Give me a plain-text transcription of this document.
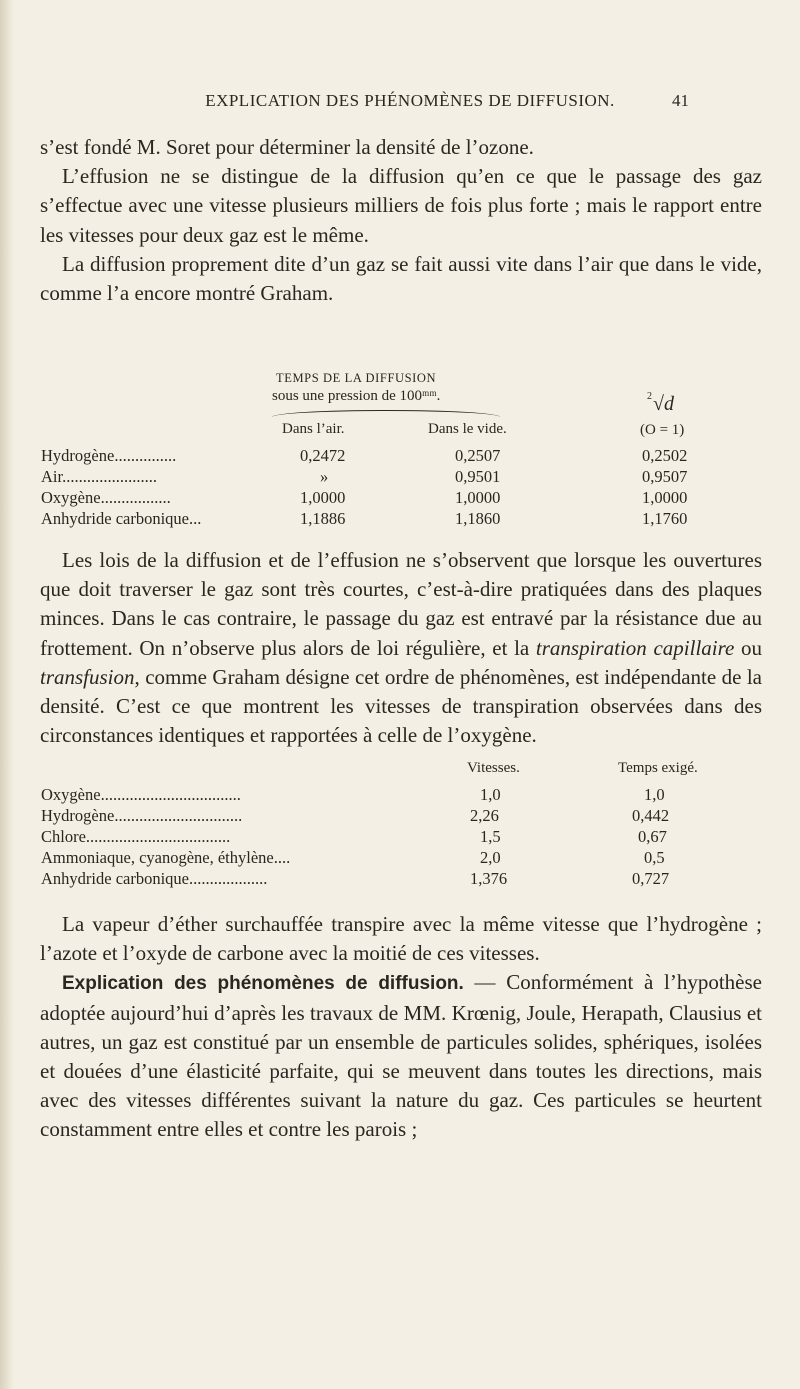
EXPLICATION DES PHÉNOMÈNES DE DIFFUSION.	41

s’est fondé M. Soret pour déterminer la densité de l’ozone.

L’effusion ne se distingue de la diffusion qu’en ce que le passage des gaz s’effectue avec une vitesse plusieurs milliers de fois plus forte ; mais le rapport entre les vitesses pour deux gaz est le même.

La diffusion proprement dite d’un gaz se fait aussi vite dans l’air que dans le vide, comme l’a encore montré Graham.

TEMPS DE LA DIFFUSION
sous une pression de 100ᵐᵐ.
Dans l’air.	Dans le vide.
2 √d
(O = 1)
Hydrogène...............	0,2472	0,2507	0,2502
Air.......................	»	0,9501	0,9507
Oxygène.................	1,0000	1,0000	1,0000
Anhydride carbonique...	1,1886	1,1860	1,1760

Les lois de la diffusion et de l’effusion ne s’observent que lorsque les ouvertures que doit traverser le gaz sont très courtes, c’est-à-dire pratiquées dans des plaques minces. Dans le cas contraire, le passage du gaz est entravé par la résistance due au frottement. On n’observe plus alors de loi régulière, et la transpiration capillaire ou transfusion, comme Graham désigne cet ordre de phénomènes, est indépendante de la densité. C’est ce que montrent les vitesses de transpiration observées dans des circonstances identiques et rapportées à celle de l’oxygène.

Vitesses.	Temps exigé.
Oxygène..................................	1,0	1,0
Hydrogène...............................	2,26	0,442
Chlore...................................	1,5	0,67
Ammoniaque, cyanogène, éthylène....	2,0	0,5
Anhydride carbonique...................	1,376	0,727

La vapeur d’éther surchauffée transpire avec la même vitesse que l’hydrogène ; l’azote et l’oxyde de carbone avec la moitié de ces vitesses.

Explication des phénomènes de diffusion. — Conformément à l’hypothèse adoptée aujourd’hui d’après les travaux de MM. Krœnig, Joule, Herapath, Clausius et autres, un gaz est constitué par un ensemble de particules solides, sphériques, isolées et douées d’une élasticité parfaite, qui se meuvent dans toutes les directions, mais avec des vitesses différentes suivant la nature du gaz. Ces particules se heurtent constamment entre elles et contre les parois ;
